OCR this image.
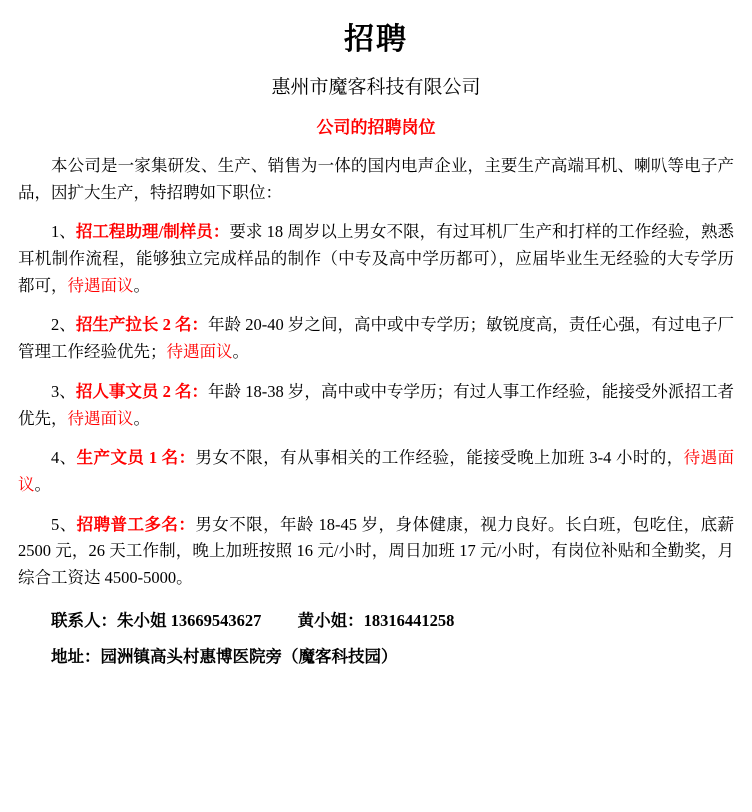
招聘
惠州市魔客科技有限公司
公司的招聘岗位

本公司是一家集研发、生产、销售为一体的国内电声企业，主要生产高端耳机、喇叭等电子产品，因扩大生产，特招聘如下职位：

1、招工程助理/制样员：要求 18 周岁以上男女不限，有过耳机厂生产和打样的工作经验，熟悉耳机制作流程，能够独立完成样品的制作（中专及高中学历都可），应届毕业生无经验的大专学历都可，待遇面议。

2、招生产拉长 2 名：年龄 20-40 岁之间，高中或中专学历；敏锐度高，责任心强，有过电子厂管理工作经验优先；待遇面议。

3、招人事文员 2 名：年龄 18-38 岁，高中或中专学历；有过人事工作经验，能接受外派招工者优先，待遇面议。

4、生产文员 1 名：男女不限，有从事相关的工作经验，能接受晚上加班 3-4 小时的，待遇面议。

5、招聘普工多名：男女不限，年龄 18-45 岁，身体健康，视力良好。长白班，包吃住，底薪 2500 元，26 天工作制，晚上加班按照 16 元/小时，周日加班 17 元/小时，有岗位补贴和全勤奖，月综合工资达 4500-5000。

联系人：朱小姐 13669543627 黄小姐：18316441258

地址：园洲镇高头村惠博医院旁（魔客科技园）
